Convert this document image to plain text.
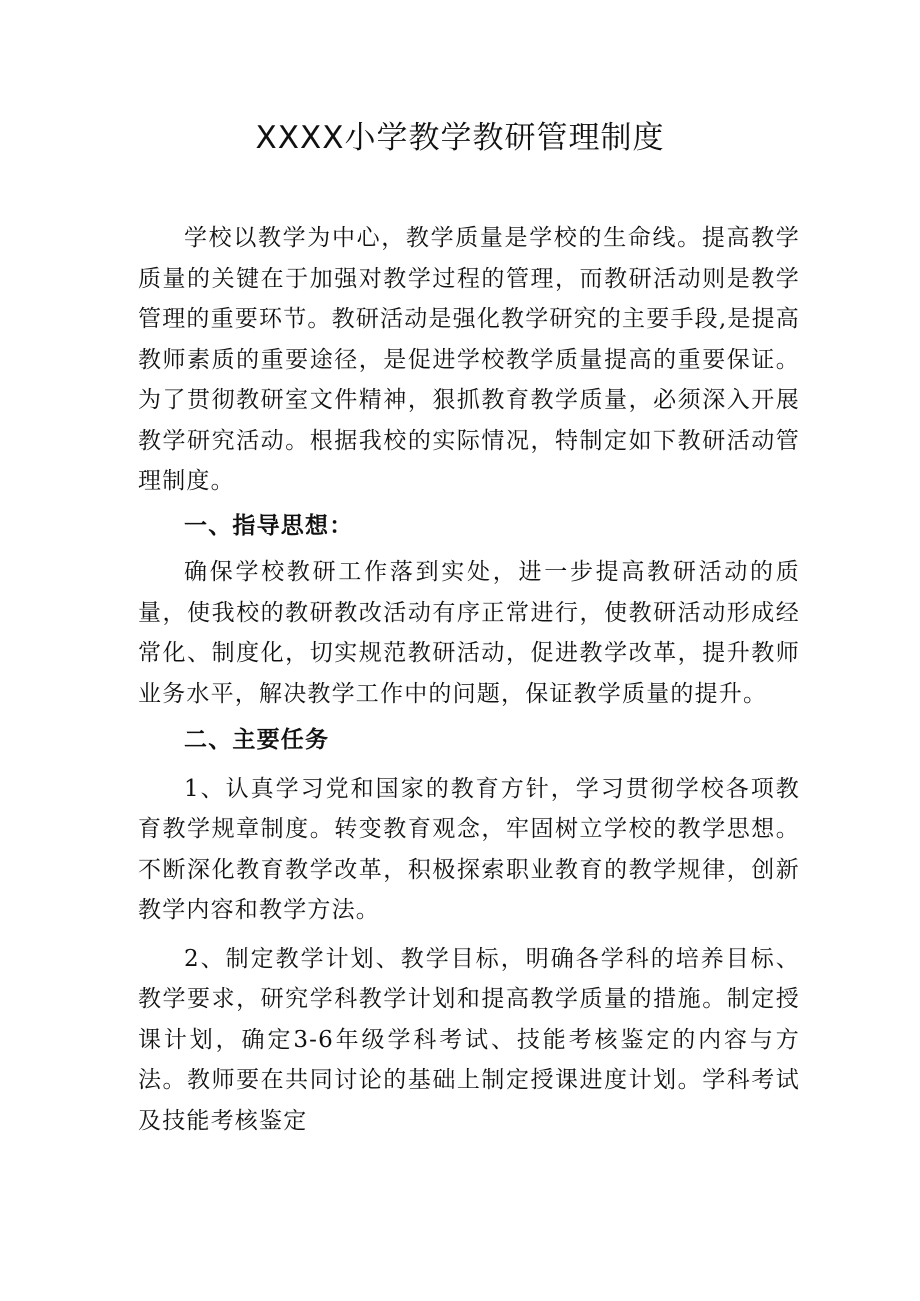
XXXX小学教学教研管理制度

学校以教学为中心，教学质量是学校的生命线。提高教学质量的关键在于加强对教学过程的管理，而教研活动则是教学管理的重要环节。教研活动是强化教学研究的主要手段,是提高教师素质的重要途径，是促进学校教学质量提高的重要保证。为了贯彻教研室文件精神，狠抓教育教学质量，必须深入开展教学研究活动。根据我校的实际情况，特制定如下教研活动管理制度。

一、指导思想：

确保学校教研工作落到实处，进一步提高教研活动的质量，使我校的教研教改活动有序正常进行，使教研活动形成经常化、制度化，切实规范教研活动，促进教学改革，提升教师业务水平，解决教学工作中的问题，保证教学质量的提升。

二、主要任务

1、认真学习党和国家的教育方针，学习贯彻学校各项教育教学规章制度。转变教育观念，牢固树立学校的教学思想。不断深化教育教学改革，积极探索职业教育的教学规律，创新教学内容和教学方法。

2、制定教学计划、教学目标，明确各学科的培养目标、教学要求，研究学科教学计划和提高教学质量的措施。制定授课计划，确定3-6年级学科考试、技能考核鉴定的内容与方法。教师要在共同讨论的基础上制定授课进度计划。学科考试及技能考核鉴定
